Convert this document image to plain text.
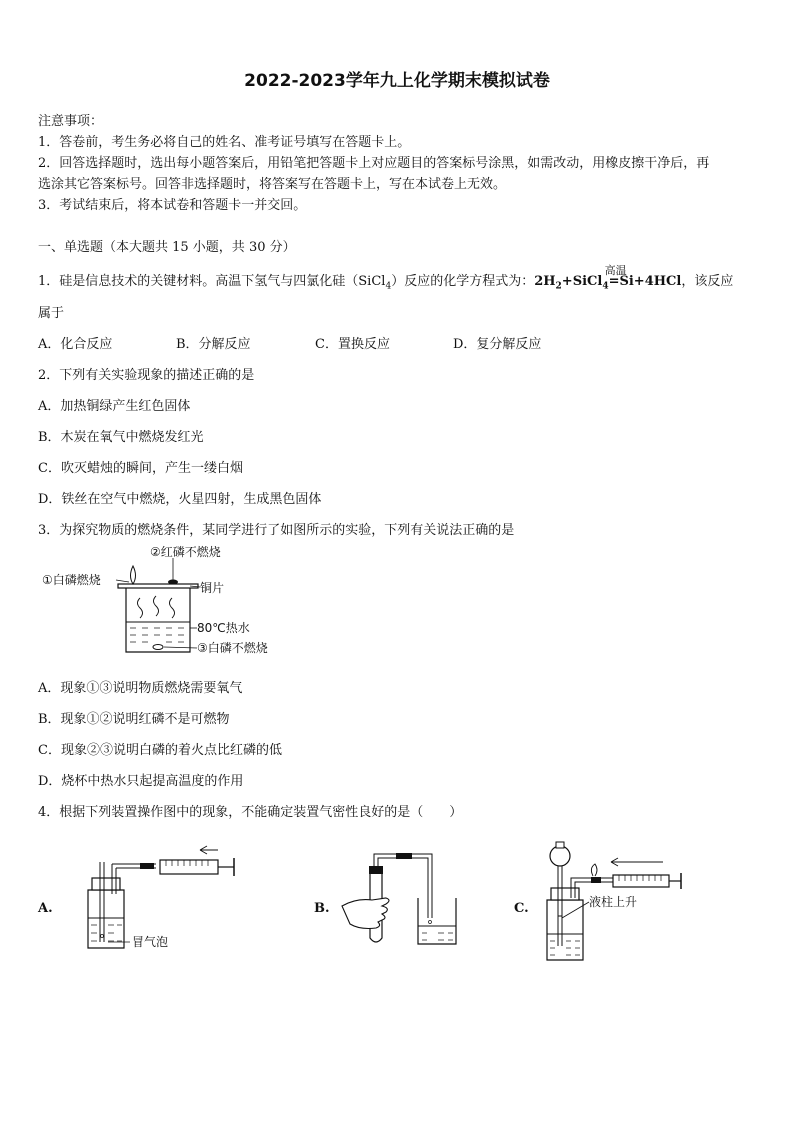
2022-2023学年九上化学期末模拟试卷
注意事项：
1．答卷前，考生务必将自己的姓名、准考证号填写在答题卡上。
2．回答选择题时，选出每小题答案后，用铅笔把答题卡上对应题目的答案标号涂黑，如需改动，用橡皮擦干净后，再
选涂其它答案标号。回答非选择题时，将答案写在答题卡上，写在本试卷上无效。
3．考试结束后，将本试卷和答题卡一并交回。
一、单选题（本大题共 15 小题，共 30 分）
1．硅是信息技术的关键材料。高温下氢气与四氯化硅（SiCl$_4$）反应的化学方程式为：$2H_2+SiCl_4$
高温
=Si+4HCl，该反应
属于
A．化合反应	B．分解反应	C．置换反应	D．复分解反应
2．下列有关实验现象的描述正确的是
A．加热铜绿产生红色固体
B．木炭在氧气中燃烧发红光
C．吹灭蜡烛的瞬间，产生一缕白烟
D．铁丝在空气中燃烧，火星四射，生成黑色固体
3．为探究物质的燃烧条件，某同学进行了如图所示的实验，下列有关说法正确的是
②红磷不燃烧
①白磷燃烧
铜片
80℃热水
③白磷不燃烧
A．现象①③说明物质燃烧需要氧气
B．现象①②说明红磷不是可燃物
C．现象②③说明白磷的着火点比红磷的低
D．烧杯中热水只起提高温度的作用
4．根据下列装置操作图中的现象，不能确定装置气密性良好的是（　　）
A.
冒气泡
B.	C.	液柱上升
